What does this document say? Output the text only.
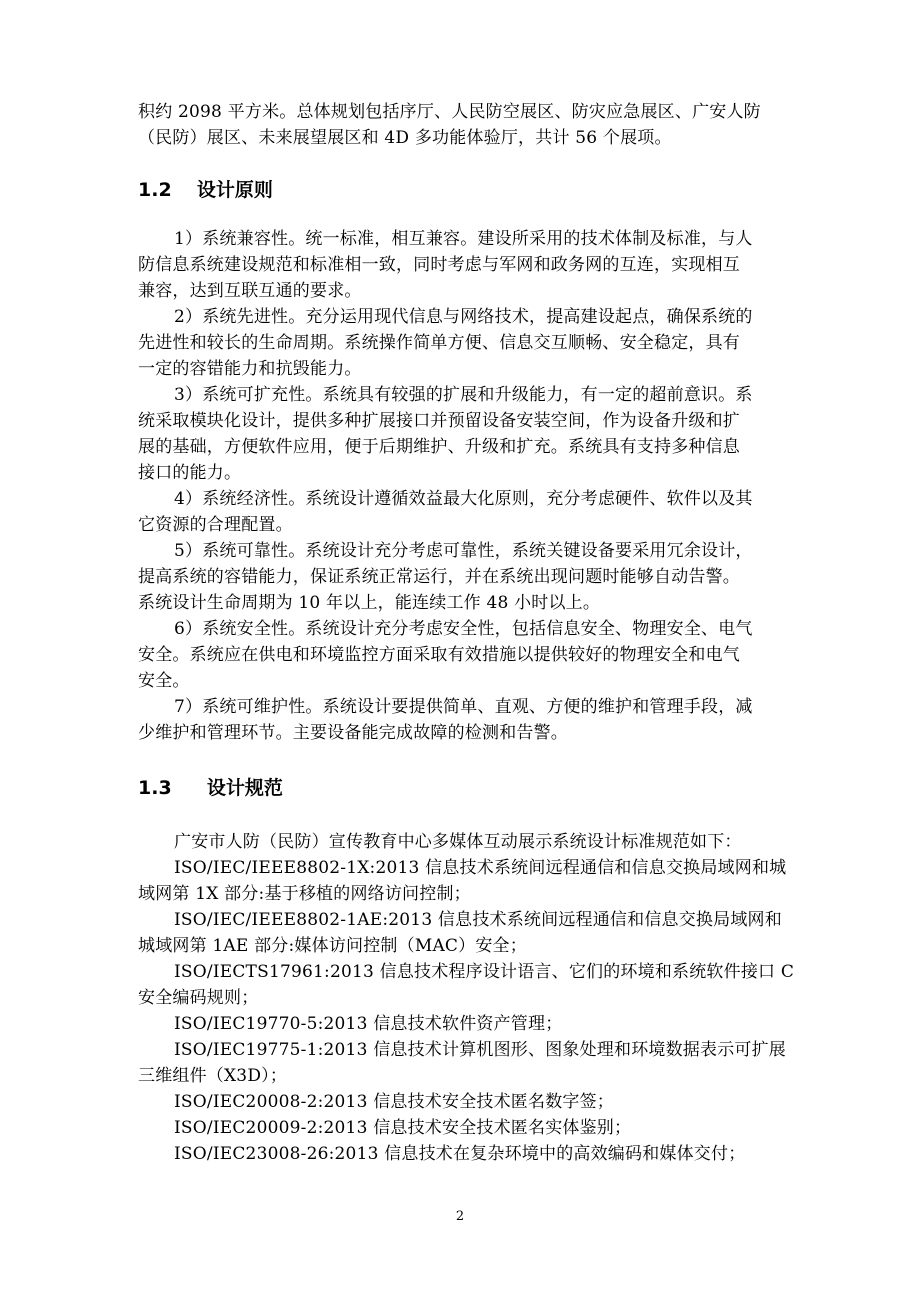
积约 2098 平方米。总体规划包括序厅、人民防空展区、防灾应急展区、广安人防
（民防）展区、未来展望展区和 4D 多功能体验厅，共计 56 个展项。
1.2 设计原则
1）系统兼容性。统一标准，相互兼容。建设所采用的技术体制及标准，与人
防信息系统建设规范和标准相一致，同时考虑与军网和政务网的互连，实现相互
兼容，达到互联互通的要求。
2）系统先进性。充分运用现代信息与网络技术，提高建设起点，确保系统的
先进性和较长的生命周期。系统操作简单方便、信息交互顺畅、安全稳定，具有
一定的容错能力和抗毁能力。
3）系统可扩充性。系统具有较强的扩展和升级能力，有一定的超前意识。系
统采取模块化设计，提供多种扩展接口并预留设备安装空间，作为设备升级和扩
展的基础，方便软件应用，便于后期维护、升级和扩充。系统具有支持多种信息
接口的能力。
4）系统经济性。系统设计遵循效益最大化原则，充分考虑硬件、软件以及其
它资源的合理配置。
5）系统可靠性。系统设计充分考虑可靠性，系统关键设备要采用冗余设计，
提高系统的容错能力，保证系统正常运行，并在系统出现问题时能够自动告警。
系统设计生命周期为 10 年以上，能连续工作 48 小时以上。
6）系统安全性。系统设计充分考虑安全性，包括信息安全、物理安全、电气
安全。系统应在供电和环境监控方面采取有效措施以提供较好的物理安全和电气
安全。
7）系统可维护性。系统设计要提供简单、直观、方便的维护和管理手段，减
少维护和管理环节。主要设备能完成故障的检测和告警。
1.3 设计规范
广安市人防（民防）宣传教育中心多媒体互动展示系统设计标准规范如下：
ISO/IEC/IEEE8802-1X:2013 信息技术系统间远程通信和信息交换局域网和城
域网第 1X 部分:基于移植的网络访问控制；
ISO/IEC/IEEE8802-1AE:2013 信息技术系统间远程通信和信息交换局域网和
城域网第 1AE 部分:媒体访问控制（MAC）安全；
ISO/IECTS17961:2013 信息技术程序设计语言、它们的环境和系统软件接口 C
安全编码规则；
ISO/IEC19770-5:2013 信息技术软件资产管理；
ISO/IEC19775-1:2013 信息技术计算机图形、图象处理和环境数据表示可扩展
三维组件（X3D）；
ISO/IEC20008-2:2013 信息技术安全技术匿名数字签；
ISO/IEC20009-2:2013 信息技术安全技术匿名实体鉴别；
ISO/IEC23008-26:2013 信息技术在复杂环境中的高效编码和媒体交付；
2
